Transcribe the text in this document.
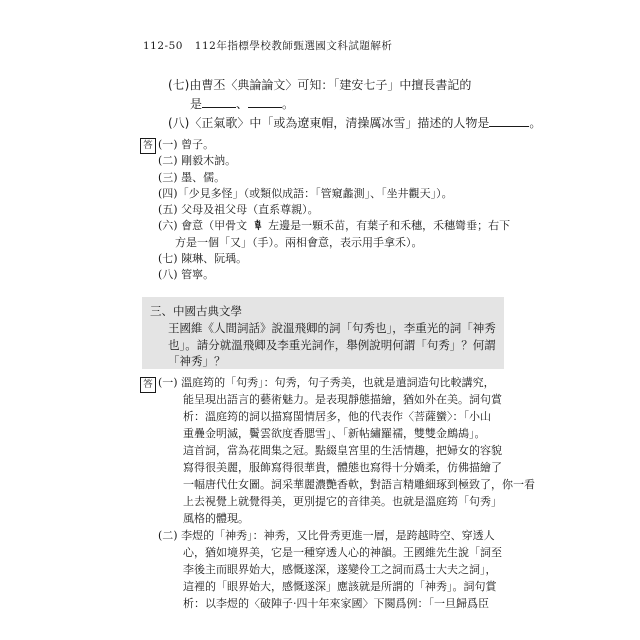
112-50 112年指標學校教師甄選國文科試題解析
(七)由曹丕〈典論論文〉可知：「建安七子」中擅長書記的
是	、	。
(八)〈正氣歌〉中「或為遼東帽，清操厲冰雪」描述的人物是	。
答 (一) 曾子。
(二) 剛毅木訥。
(三) 墨、儒。
(四)「少見多怪」（或類似成語：「管窺蠡測」、「坐井觀天」）。
(五) 父母及祖父母（直系尊親）。
(六) 會意（甲骨文 𠦝 左邊是一顆禾苗，有葉子和禾穗，禾穗彎垂；右下
方是一個「又」（手）。兩相會意，表示用手拿禾）。
(七) 陳琳、阮瑀。
(八) 管寧。
三、中國古典文學
王國維《人間詞話》說溫飛卿的詞「句秀也」，李重光的詞「神秀
也」。請分就溫飛卿及李重光詞作，舉例說明何謂「句秀」？何謂
「神秀」？
答 (一) 溫庭筠的「句秀」：句秀，句子秀美，也就是遣詞造句比較講究，
能呈現出語言的藝術魅力。是表現靜態描繪，猶如外在美。詞句賞
析：溫庭筠的詞以描寫閨情居多，他的代表作〈菩薩蠻〉：「小山
重疊金明滅，鬢雲欲度香腮雪」、「新帖繡羅襦，雙雙金鷓鴣」。
這首詞，當為花間集之冠。點綴皇宮里的生活情趣，把婦女的容貌
寫得很美麗，服飾寫得很華貴，體態也寫得十分嬌柔，仿佛描繪了
一幅唐代仕女圖。詞采華麗濃艷香軟，對語言精雕細琢到極致了，你一看
上去視覺上就覺得美，更別提它的音律美。也就是溫庭筠「句秀」
風格的體現。
(二) 李煜的「神秀」：神秀，又比骨秀更進一層，是跨越時空、穿透人
心，猶如境界美，它是一種穿透人心的神韻。王國維先生說「詞至
李後主而眼界始大，感慨遂深，遂變伶工之詞而爲士大夫之詞」，
這裡的「眼界始大，感慨遂深」應該就是所謂的「神秀」。詞句賞
析：以李煜的〈破陣子·四十年來家國〉下闋爲例：「一旦歸爲臣
